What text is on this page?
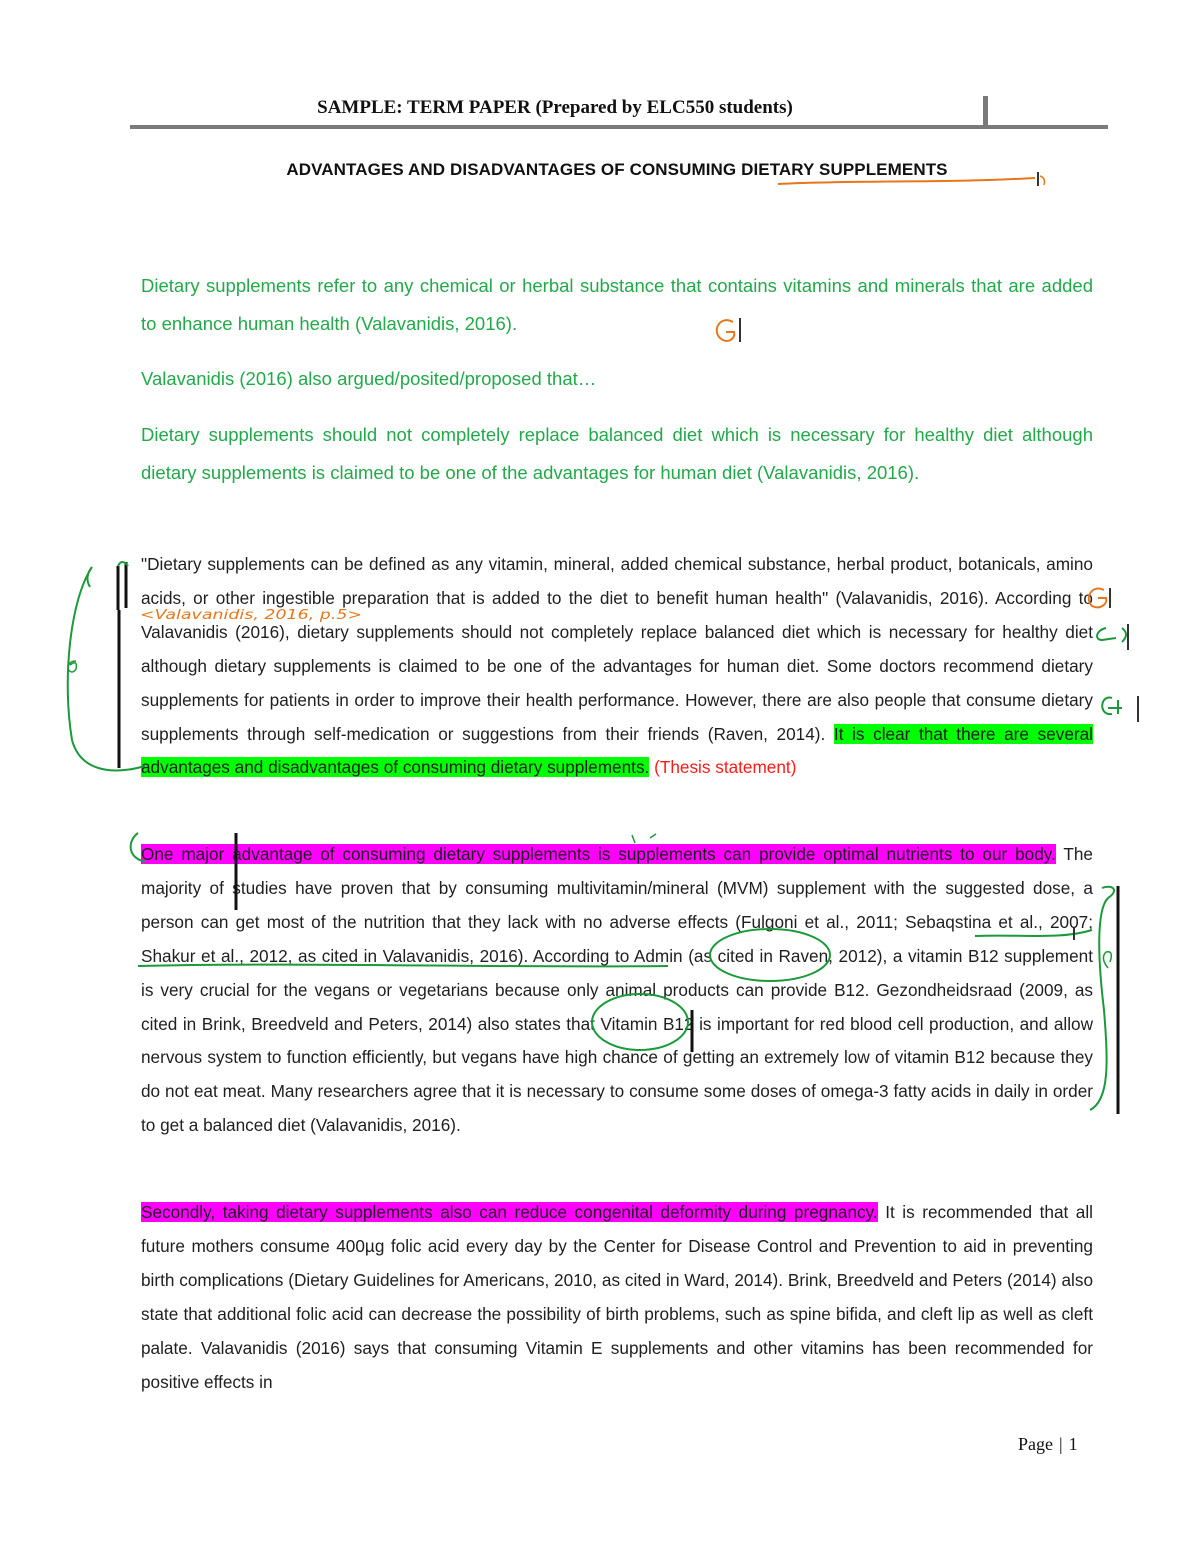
SAMPLE: TERM PAPER (Prepared by ELC550 students)
ADVANTAGES AND DISADVANTAGES OF CONSUMING DIETARY SUPPLEMENTS
Dietary supplements refer to any chemical or herbal substance that contains vitamins and minerals that are added to enhance human health (Valavanidis, 2016).
Valavanidis (2016) also argued/posited/proposed that…
Dietary supplements should not completely replace balanced diet which is necessary for healthy diet although dietary supplements is claimed to be one of the advantages for human diet (Valavanidis, 2016).
"Dietary supplements can be defined as any vitamin, mineral, added chemical substance, herbal product, botanicals, amino acids, or other ingestible preparation that is added to the diet to benefit human health" (Valavanidis, 2016). According to Valavanidis (2016), dietary supplements should not completely replace balanced diet which is necessary for healthy diet although dietary supplements is claimed to be one of the advantages for human diet. Some doctors recommend dietary supplements for patients in order to improve their health performance. However, there are also people that consume dietary supplements through self-medication or suggestions from their friends (Raven, 2014). It is clear that there are several advantages and disadvantages of consuming dietary supplements. (Thesis statement)
One major advantage of consuming dietary supplements is supplements can provide optimal nutrients to our body. The majority of studies have proven that by consuming multivitamin/mineral (MVM) supplement with the suggested dose, a person can get most of the nutrition that they lack with no adverse effects (Fulgoni et al., 2011; Sebaqstina et al., 2007; Shakur et al., 2012, as cited in Valavanidis, 2016). According to Admin (as cited in Raven, 2012), a vitamin B12 supplement is very crucial for the vegans or vegetarians because only animal products can provide B12. Gezondheidsraad (2009, as cited in Brink, Breedveld and Peters, 2014) also states that Vitamin B12 is important for red blood cell production, and allow nervous system to function efficiently, but vegans have high chance of getting an extremely low of vitamin B12 because they do not eat meat. Many researchers agree that it is necessary to consume some doses of omega-3 fatty acids in daily in order to get a balanced diet (Valavanidis, 2016).
Secondly, taking dietary supplements also can reduce congenital deformity during pregnancy. It is recommended that all future mothers consume 400µg folic acid every day by the Center for Disease Control and Prevention to aid in preventing birth complications (Dietary Guidelines for Americans, 2010, as cited in Ward, 2014). Brink, Breedveld and Peters (2014) also state that additional folic acid can decrease the possibility of birth problems, such as spine bifida, and cleft lip as well as cleft palate. Valavanidis (2016) says that consuming Vitamin E supplements and other vitamins has been recommended for positive effects in
Page | 1
<Valavanidis, 2016, p.5>
